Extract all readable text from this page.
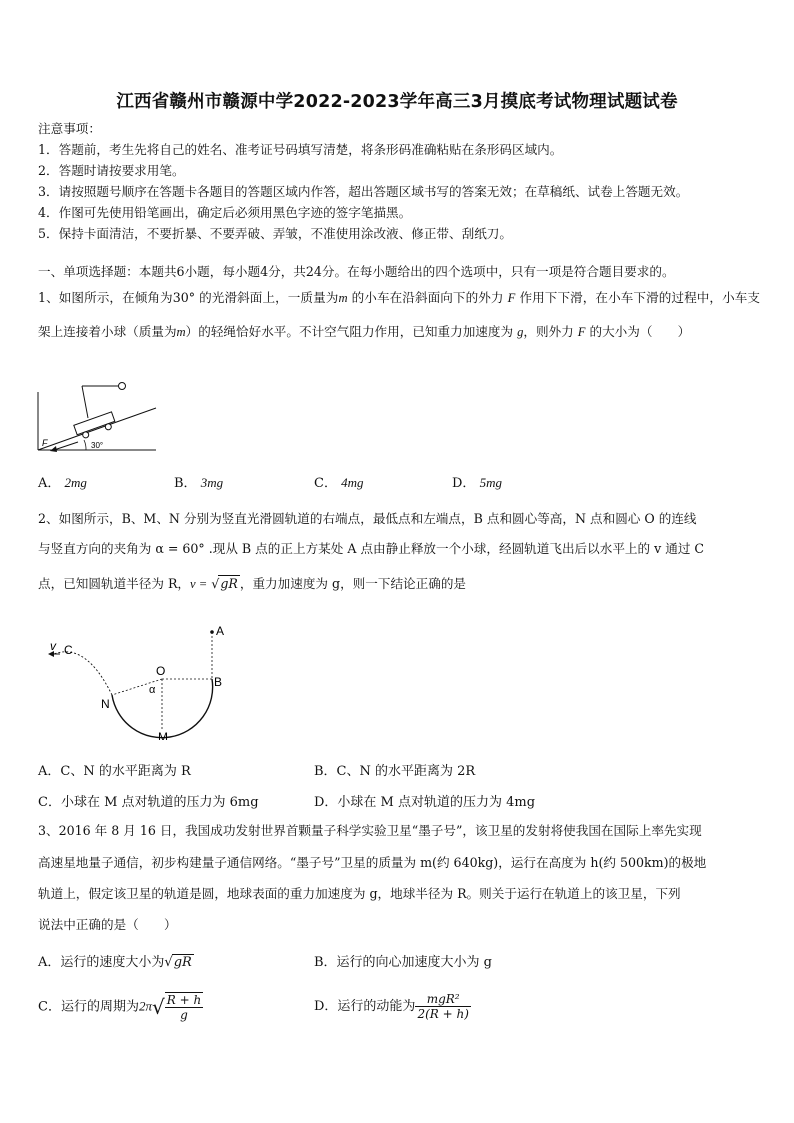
江西省赣州市赣源中学2022-2023学年高三3月摸底考试物理试题试卷
注意事项：
1．答题前，考生先将自己的姓名、准考证号码填写清楚，将条形码准确粘贴在条形码区域内。
2．答题时请按要求用笔。
3．请按照题号顺序在答题卡各题目的答题区域内作答，超出答题区域书写的答案无效；在草稿纸、试卷上答题无效。
4．作图可先使用铅笔画出，确定后必须用黑色字迹的签字笔描黑。
5．保持卡面清洁，不要折暴、不要弄破、弄皱，不准使用涂改液、修正带、刮纸刀。
一、单项选择题：本题共6小题，每小题4分，共24分。在每小题给出的四个选项中，只有一项是符合题目要求的。
1、如图所示，在倾角为30° 的光滑斜面上，一质量为m 的小车在沿斜面向下的外力 F 作用下下滑，在小车下滑的过程中，小车支架上连接着小球（质量为m）的轻绳恰好水平。不计空气阻力作用，已知重力加速度为 g，则外力 F 的大小为（　　）
30°
F
A． 2mg	B． 3mg	C． 4mg	D． 5mg
2、如图所示，B、M、N 分别为竖直光滑圆轨道的右端点，最低点和左端点，B 点和圆心等高，N 点和圆心 O 的连线
与竖直方向的夹角为 α = 60° .现从 B 点的正上方某处 A 点由静止释放一个小球，经圆轨道飞出后以水平上的 v 通过 C
点，已知圆轨道半径为 R，v = √gR ，重力加速度为 g，则一下结论正确的是
v C
A
O
B
N
M
α
A．C、N 的水平距离为 R	B．C、N 的水平距离为 2R
C．小球在 M 点对轨道的压力为 6mg	D．小球在 M 点对轨道的压力为 4mg
3、2016 年 8 月 16 日，我国成功发射世界首颗量子科学实验卫星“墨子号”，该卫星的发射将使我国在国际上率先实现
高速星地量子通信，初步构建量子通信网络。“墨子号”卫星的质量为 m(约 640kg)，运行在高度为 h(约 500km)的极地
轨道上，假定该卫星的轨道是圆，地球表面的重力加速度为 g，地球半径为 R。则关于运行在轨道上的该卫星，下列
说法中正确的是（　　）
A．运行的速度大小为√gR	B．运行的向心加速度大小为 g
C．运行的周期为$2\pi√ \frac{R + h}{g}$	D．运行的动能为 $\frac{\text{mgR²}}{2(R + h)}$
